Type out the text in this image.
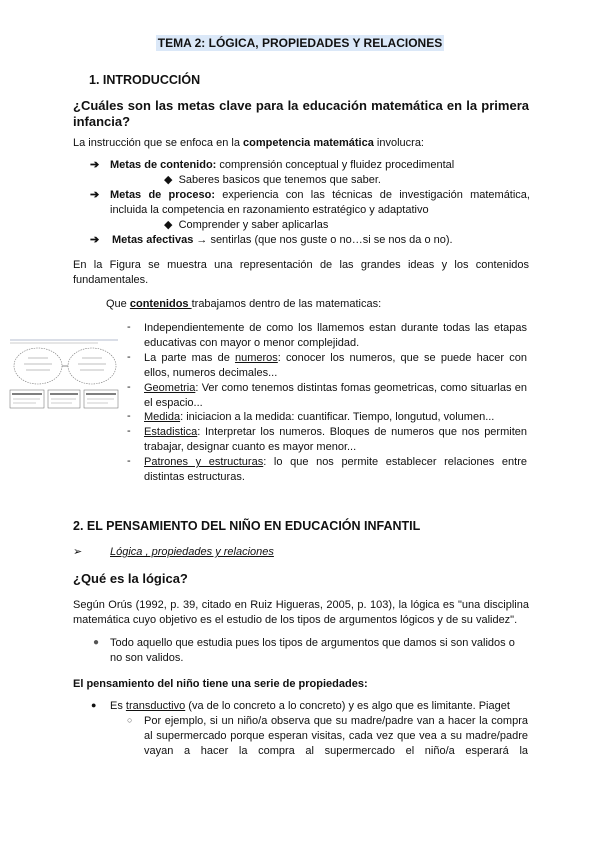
TEMA 2: LÓGICA, PROPIEDADES Y RELACIONES
1. INTRODUCCIÓN
¿Cuáles son las metas clave para la educación matemática en la primera infancia?
La instrucción que se enfoca en la competencia matemática involucra:
➔ Metas de contenido: comprensión conceptual y fluidez procedimental
◆  Saberes basicos que tenemos que saber.
➔ Metas de proceso: experiencia con las técnicas de investigación matemática, incluida la competencia en razonamiento estratégico y adaptativo
◆  Comprender y saber aplicarlas
➔ Metas afectivas → sentirlas (que nos guste o no…si se nos da o no).
En la Figura se muestra una representación de las grandes ideas y los contenidos fundamentales.
Que contenidos trabajamos dentro de las matematicas:
- Independientemente de como los llamemos estan durante todas las etapas educativas con mayor o menor complejidad.
- La parte mas de numeros: conocer los numeros, que se puede hacer con ellos, numeros decimales...
- Geometria: Ver como tenemos distintas fomas geometricas, como situarlas en el espacio...
- Medida: iniciacion a la medida: cuantificar. Tiempo, longutud, volumen...
- Estadistica: Interpretar los numeros. Bloques de numeros que nos permiten trabajar, designar cuanto es mayor menor...
- Patrones y estructuras: lo que nos permite establecer relaciones entre distintas estructuras.
2. EL PENSAMIENTO DEL NIÑO EN EDUCACIÓN INFANTIL
➢	Lógica , propiedades y relaciones
¿Qué es la lógica?
Según Orús (1992, p. 39, citado en Ruiz Higueras, 2005, p. 103), la lógica es "una disciplina matemática cuyo objetivo es el estudio de los tipos de argumentos lógicos y de su validez".
● Todo aquello que estudia pues los tipos de argumentos que damos si son validos o no son validos.
El pensamiento del niño tiene una serie de propiedades:
● Es transductivo (va de lo concreto a lo concreto) y es algo que es limitante. Piaget
○ Por ejemplo, si un niño/a observa que su madre/padre van a hacer la compra al supermercado porque esperan visitas, cada vez que vea a su madre/padre vayan a hacer la compra al supermercado el niño/a esperará la
